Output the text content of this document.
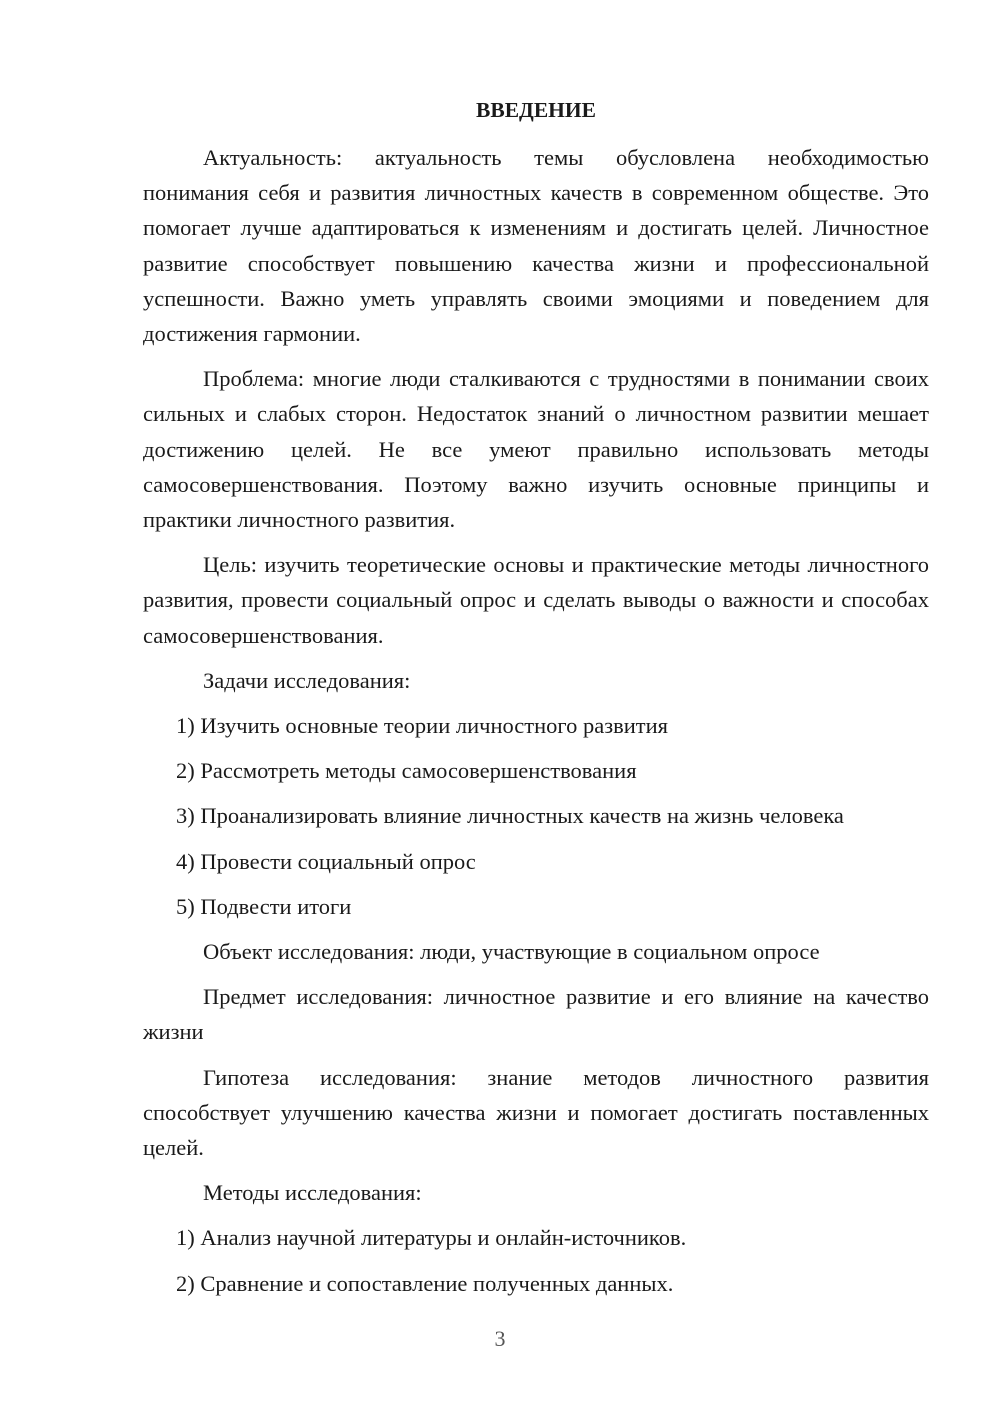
ВВЕДЕНИЕ

Актуальность: актуальность темы обусловлена необходимостью понимания себя и развития личностных качеств в современном обществе. Это помогает лучше адаптироваться к изменениям и достигать целей. Личностное развитие способствует повышению качества жизни и профессиональной успешности. Важно уметь управлять своими эмоциями и поведением для достижения гармонии.

Проблема: многие люди сталкиваются с трудностями в понимании своих сильных и слабых сторон. Недостаток знаний о личностном развитии мешает достижению целей. Не все умеют правильно использовать методы самосовершенствования. Поэтому важно изучить основные принципы и практики личностного развития.

Цель: изучить теоретические основы и практические методы личностного развития, провести социальный опрос и сделать выводы о важности и способах самосовершенствования.

Задачи исследования:

1) Изучить основные теории личностного развития

2) Рассмотреть методы самосовершенствования

3) Проанализировать влияние личностных качеств на жизнь человека

4) Провести социальный опрос

5) Подвести итоги

Объект исследования: люди, участвующие в социальном опросе

Предмет исследования: личностное развитие и его влияние на качество жизни

Гипотеза исследования: знание методов личностного развития способствует улучшению качества жизни и помогает достигать поставленных целей.

Методы исследования:

1) Анализ научной литературы и онлайн-источников.

2) Сравнение и сопоставление полученных данных.

3
